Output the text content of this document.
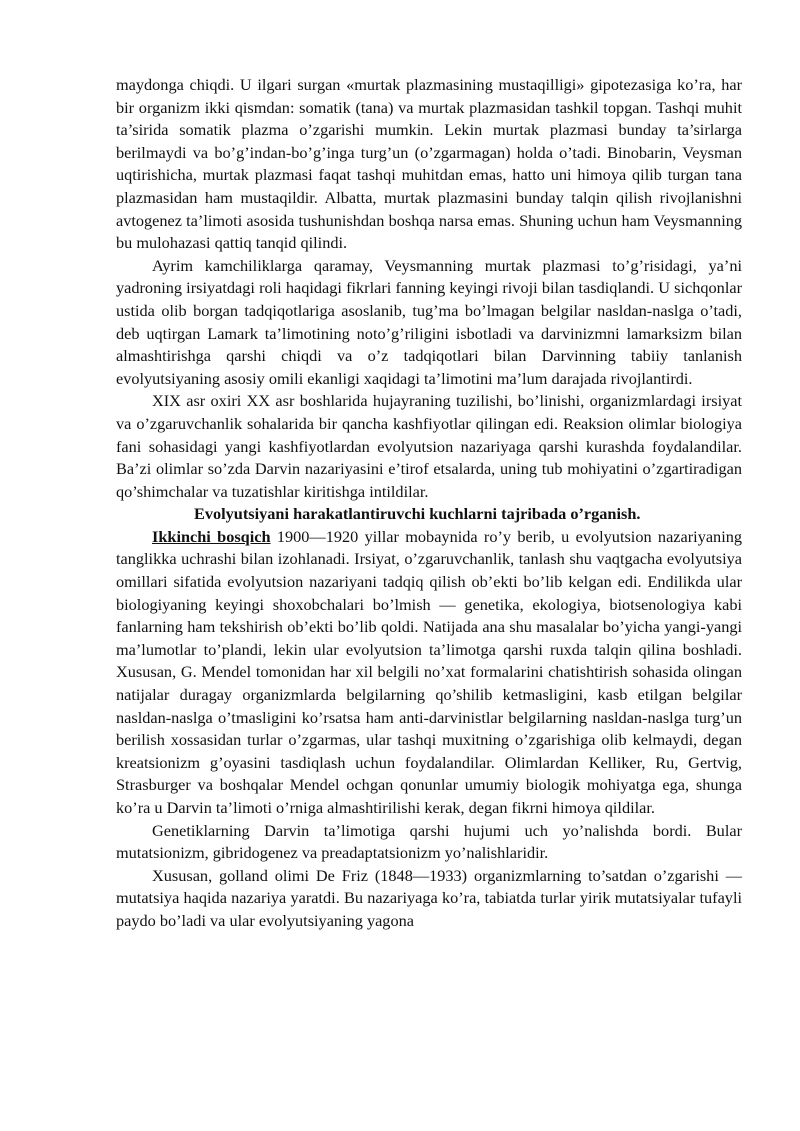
maydonga chiqdi. U ilgari surgan «murtak plazmasining mustaqilligi» gipotezasiga ko’ra, har bir organizm ikki qismdan: somatik (tana) va murtak plazmasidan tashkil topgan. Tashqi muhit ta’sirida somatik plazma o’zgarishi mumkin. Lekin murtak plazmasi bunday ta’sirlarga berilmaydi va bo’g’indan-bo’g’inga turg’un (o’zgarmagan) holda o’tadi. Binobarin, Veysman uqtirishicha, murtak plazmasi faqat tashqi muhitdan emas, hatto uni himoya qilib turgan tana plazmasidan ham mustaqildir. Albatta, murtak plazmasini bunday talqin qilish rivojlanishni avtogenez ta’limoti asosida tushunishdan boshqa narsa emas. Shuning uchun ham Veysmanning bu mulohazasi qattiq tanqid qilindi.

Ayrim kamchiliklarga qaramay, Veysmanning murtak plazmasi to’g’risidagi, ya’ni yadroning irsiyatdagi roli haqidagi fikrlari fanning keyingi rivoji bilan tasdiqlandi. U sichqonlar ustida olib borgan tadqiqotlariga asoslanib, tug’ma bo’lmagan belgilar nasldan-naslga o’tadi, deb uqtirgan Lamark ta’limotining noto’g’riligini isbotladi va darvinizmni lamarksizm bilan almashtirishga qarshi chiqdi va o’z tadqiqotlari bilan Darvinning tabiiy tanlanish evolyutsiyaning asosiy omili ekanligi xaqidagi ta’limotini ma’lum darajada rivojlantirdi.

XIX asr oxiri XX asr boshlarida hujayraning tuzilishi, bo’linishi, organizmlardagi irsiyat va o’zgaruvchanlik sohalarida bir qancha kashfiyotlar qilingan edi. Reaksion olimlar biologiya fani sohasidagi yangi kashfiyotlardan evolyutsion nazariyaga qarshi kurashda foydalandilar. Ba’zi olimlar so’zda Darvin nazariyasini e’tirof etsalarda, uning tub mohiyatini o’zgartiradigan qo’shimchalar va tuzatishlar kiritishga intildilar.

Evolyutsiyani harakatlantiruvchi kuchlarni tajribada o’rganish.

Ikkinchi bosqich 1900—1920 yillar mobaynida ro’y berib, u evolyutsion nazariyaning tanglikka uchrashi bilan izohlanadi. Irsiyat, o’zgaruvchanlik, tanlash shu vaqtgacha evolyutsiya omillari sifatida evolyutsion nazariyani tadqiq qilish ob’ekti bo’lib kelgan edi. Endilikda ular biologiyaning keyingi shoxobchalari bo’lmish — genetika, ekologiya, biotsenologiya kabi fanlarning ham tekshirish ob’ekti bo’lib qoldi. Natijada ana shu masalalar bo’yicha yangi-yangi ma’lumotlar to’plandi, lekin ular evolyutsion ta’limotga qarshi ruxda talqin qilina boshladi. Xususan, G. Mendel tomonidan har xil belgili no’xat formalarini chatishtirish sohasida olingan natijalar duragay organizmlarda belgilarning qo’shilib ketmasligini, kasb etilgan belgilar nasldan-naslga o’tmasligini ko’rsatsa ham anti-darvinistlar belgilarning nasldan-naslga turg’un berilish xossasidan turlar o’zgarmas, ular tashqi muxitning o’zgarishiga olib kelmaydi, degan kreatsionizm g’oyasini tasdiqlash uchun foydalandilar. Olimlardan Kelliker, Ru, Gertvig, Strasburger va boshqalar Mendel ochgan qonunlar umumiy biologik mohiyatga ega, shunga ko’ra u Darvin ta’limoti o’rniga almashtirilishi kerak, degan fikrni himoya qildilar.

Genetiklarning Darvin ta’limotiga qarshi hujumi uch yo’nalishda bordi. Bular mutatsionizm, gibridogenez va preadaptatsionizm yo’nalishlaridir.

Xususan, golland olimi De Friz (1848—1933) organizmlarning to’satdan o’zgarishi — mutatsiya haqida nazariya yaratdi. Bu nazariyaga ko’ra, tabiatda turlar yirik mutatsiyalar tufayli paydo bo’ladi va ular evolyutsiyaning yagona
